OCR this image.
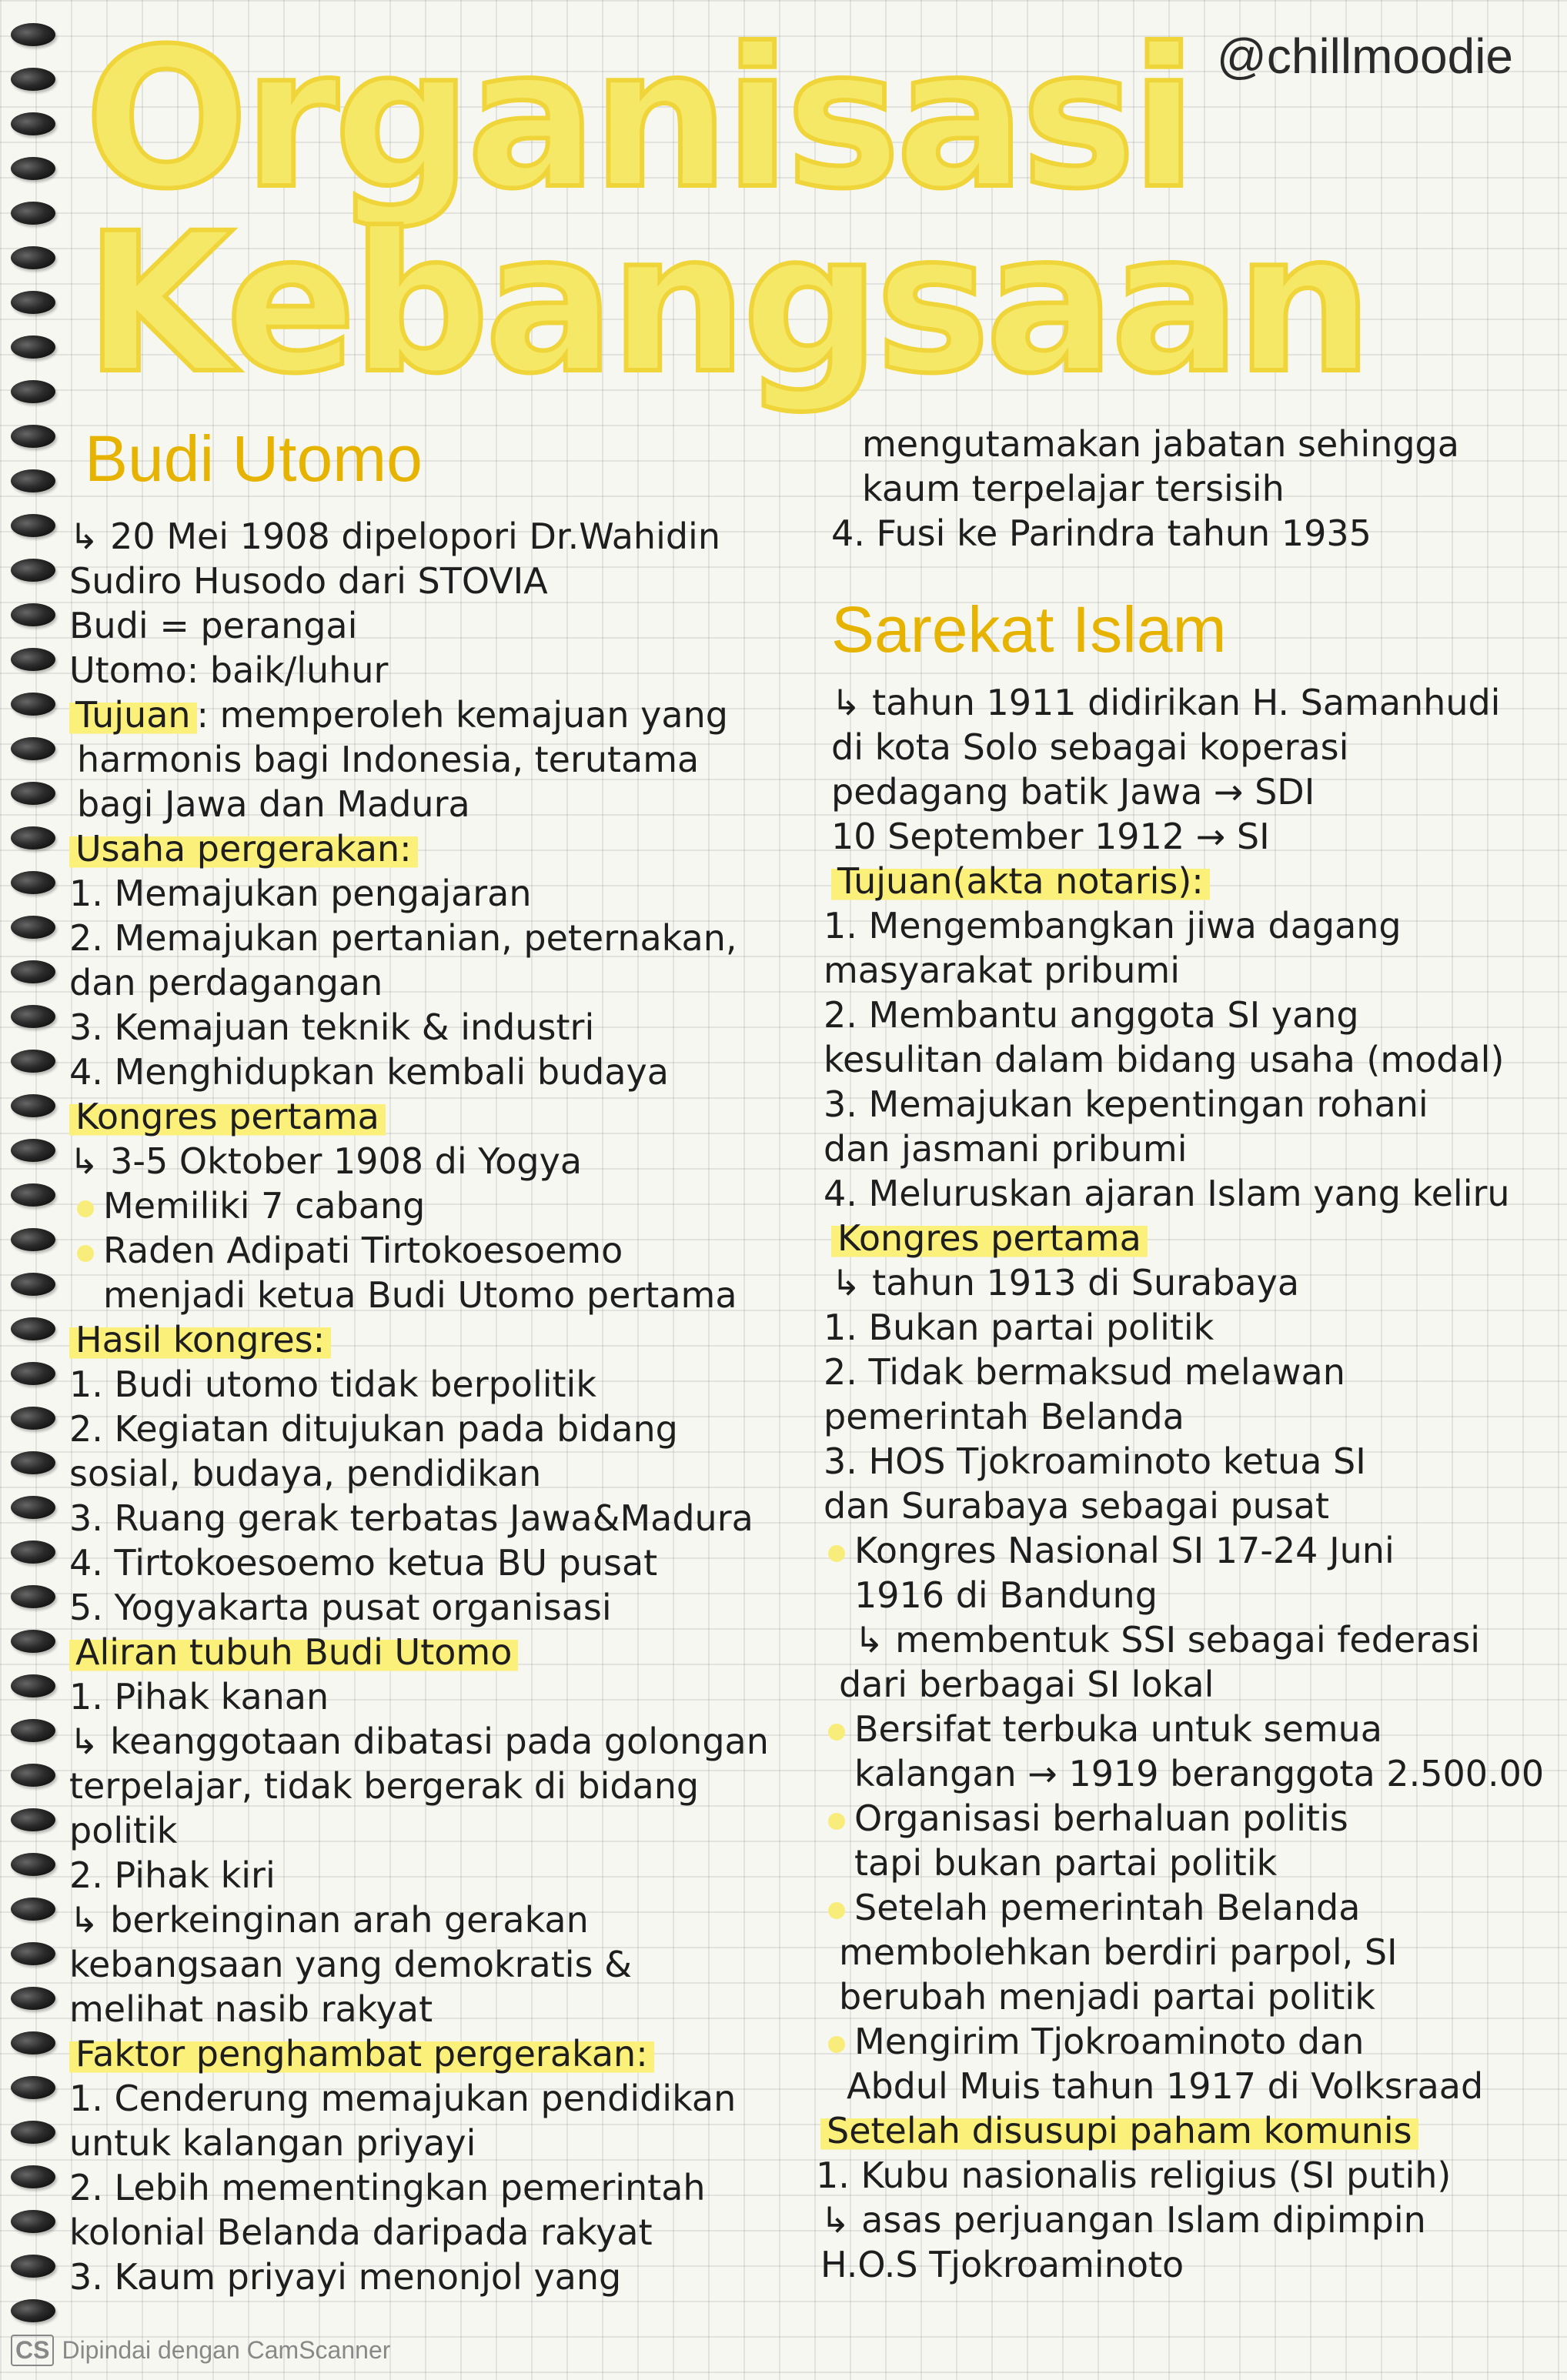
@chillmoodie
Organisasi
Kebangsaan
Budi Utomo
↳ 20 Mei 1908 dipelopori Dr.Wahidin
Sudiro Husodo dari STOVIA
Budi = perangai
Utomo: baik/luhur
Tujuan : memperoleh kemajuan yang
harmonis bagi Indonesia, terutama
bagi Jawa dan Madura
Usaha pergerakan:
1. Memajukan pengajaran
2. Memajukan pertanian, peternakan,
dan perdagangan
3. Kemajuan teknik & industri
4. Menghidupkan kembali budaya
Kongres pertama
↳ 3-5 Oktober 1908 di Yogya
Memiliki 7 cabang
Raden Adipati Tirtokoesoemo
menjadi ketua Budi Utomo pertama
Hasil kongres:
1. Budi utomo tidak berpolitik
2. Kegiatan ditujukan pada bidang
sosial, budaya, pendidikan
3. Ruang gerak terbatas Jawa&Madura
4. Tirtokoesoemo ketua BU pusat
5. Yogyakarta pusat organisasi
Aliran tubuh Budi Utomo
1. Pihak kanan
↳ keanggotaan dibatasi pada golongan
terpelajar, tidak bergerak di bidang
politik
2. Pihak kiri
↳ berkeinginan arah gerakan
kebangsaan yang demokratis &
melihat nasib rakyat
Faktor penghambat pergerakan:
1. Cenderung memajukan pendidikan
untuk kalangan priyayi
2. Lebih mementingkan pemerintah
kolonial Belanda daripada rakyat
3. Kaum priyayi menonjol yang
mengutamakan jabatan sehingga
kaum terpelajar tersisih
4. Fusi ke Parindra tahun 1935
Sarekat Islam
↳ tahun 1911 didirikan H. Samanhudi
di kota Solo sebagai koperasi
pedagang batik Jawa → SDI
10 September 1912 → SI
Tujuan(akta notaris):
1. Mengembangkan jiwa dagang
masyarakat pribumi
2. Membantu anggota SI yang
kesulitan dalam bidang usaha (modal)
3. Memajukan kepentingan rohani
dan jasmani pribumi
4. Meluruskan ajaran Islam yang keliru
Kongres pertama
↳ tahun 1913 di Surabaya
1. Bukan partai politik
2. Tidak bermaksud melawan
pemerintah Belanda
3. HOS Tjokroaminoto ketua SI
dan Surabaya sebagai pusat
Kongres Nasional SI 17-24 Juni
1916 di Bandung
↳ membentuk SSI sebagai federasi
dari berbagai SI lokal
Bersifat terbuka untuk semua
kalangan → 1919 beranggota 2.500.00
Organisasi berhaluan politis
tapi bukan partai politik
Setelah pemerintah Belanda
membolehkan berdiri parpol, SI
berubah menjadi partai politik
Mengirim Tjokroaminoto dan
Abdul Muis tahun 1917 di Volksraad
Setelah disusupi paham komunis
1. Kubu nasionalis religius (SI putih)
↳ asas perjuangan Islam dipimpin
H.O.S Tjokroaminoto
CS Dipindai dengan CamScanner
